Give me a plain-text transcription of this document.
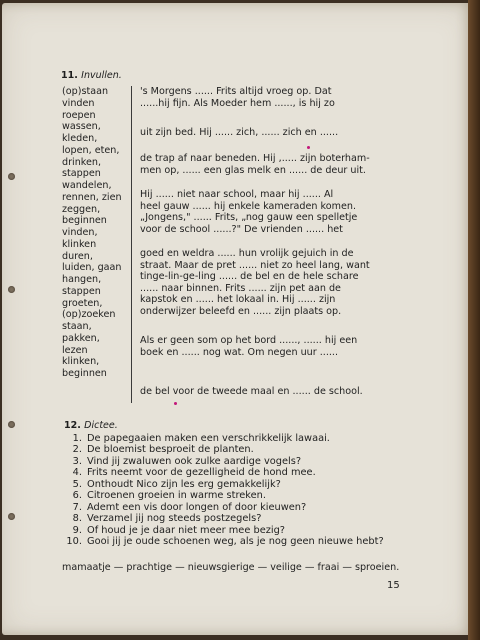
11. Invullen.
(op)staan
vinden
roepen
wassen,
kleden,
lopen, eten,
drinken,
stappen
wandelen,
rennen, zien
zeggen,
beginnen
vinden,
klinken
duren,
luiden, gaan
hangen,
stappen
groeten,
(op)zoeken
staan,
pakken,
lezen
klinken,
beginnen
's Morgens ...... Frits altijd vroeg op. Dat
......hij fijn. Als Moeder hem ......, is hij zo
uit zijn bed. Hij ...... zich, ...... zich en ......
de trap af naar beneden. Hij ,..... zijn boterham-
men op, ...... een glas melk en ...... de deur uit.
Hij ...... niet naar school, maar hij ...... Al
heel gauw ...... hij enkele kameraden komen.
„Jongens," ...... Frits, „nog gauw een spelletje
voor de school ......?" De vrienden ...... het
goed en weldra ...... hun vrolijk gejuich in de
straat. Maar de pret ...... niet zo heel lang, want
tinge-lin-ge-ling ...... de bel en de hele schare
...... naar binnen. Frits ...... zijn pet aan de
kapstok en ...... het lokaal in. Hij ...... zijn
onderwijzer beleefd en ...... zijn plaats op.
Als er geen som op het bord ......, ...... hij een
boek en ...... nog wat. Om negen uur ......
de bel voor de tweede maal en ...... de school.
12. Dictee.
1. De papegaaien maken een verschrikkelijk lawaai.
2. De bloemist besproeit de planten.
3. Vind jij zwaluwen ook zulke aardige vogels?
4. Frits neemt voor de gezelligheid de hond mee.
5. Onthoudt Nico zijn les erg gemakkelijk?
6. Citroenen groeien in warme streken.
7. Ademt een vis door longen of door kieuwen?
8. Verzamel jij nog steeds postzegels?
9. Of houd je je daar niet meer mee bezig?
10. Gooi jij je oude schoenen weg, als je nog geen nieuwe hebt?
mamaatje — prachtige — nieuwsgierige — veilige — fraai — sproeien.
15
